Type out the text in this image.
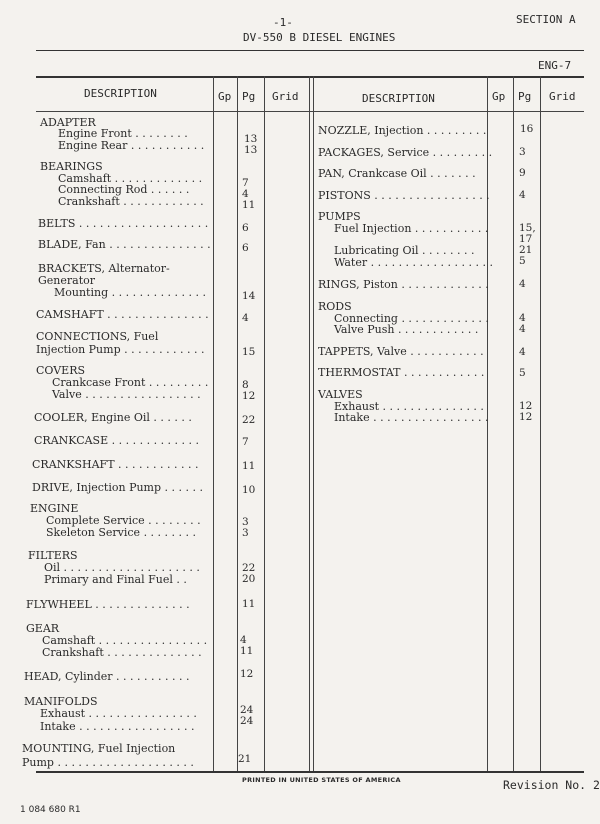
-1-	SECTION A
DV-550 B DIESEL ENGINES
ENG-7
DESCRIPTION	Gp Pg Grid	DESCRIPTION	Gp Pg Grid
ADAPTER
Engine Front . . . . . . . .	13
Engine Rear . . . . . . . . . . .	13
BEARINGS
Camshaft . . . . . . . . . . . . .	7
Connecting Rod . . . . . .	4
Crankshaft . . . . . . . . . . . .	11
BELTS . . . . . . . . . . . . . . . . . . .	6
BLADE, Fan . . . . . . . . . . . . . . .	6
BRACKETS, Alternator-
Generator
Mounting . . . . . . . . . . . . . .	14
CAMSHAFT . . . . . . . . . . . . . . .	4
CONNECTIONS, Fuel
Injection Pump . . . . . . . . . . . .	15
COVERS
Crankcase Front . . . . . . . . .	8
Valve . . . . . . . . . . . . . . . . .	12
COOLER, Engine Oil . . . . . .	22
CRANKCASE . . . . . . . . . . . . .	7
CRANKSHAFT . . . . . . . . . . . .	11
DRIVE, Injection Pump . . . . . .	10
ENGINE
Complete Service . . . . . . . .	3
Skeleton Service . . . . . . . .	3
FILTERS
Oil . . . . . . . . . . . . . . . . . . . .	22
Primary and Final Fuel . .	20
FLYWHEEL . . . . . . . . . . . . . .	11
GEAR
Camshaft . . . . . . . . . . . . . . . .	4
Crankshaft . . . . . . . . . . . . . .	11
HEAD, Cylinder . . . . . . . . . . .	12
MANIFOLDS
Exhaust . . . . . . . . . . . . . . . .	24
Intake . . . . . . . . . . . . . . . . .	24
MOUNTING, Fuel Injection
Pump . . . . . . . . . . . . . . . . . . . .	21
NOZZLE, Injection . . . . . . . . .	16
PACKAGES, Service . . . . . . . . .	3
PAN, Crankcase Oil . . . . . . .	9
PISTONS . . . . . . . . . . . . . . . . .	4
PUMPS
Fuel Injection . . . . . . . . . . .	15,
17
Lubricating Oil . . . . . . . .	21
Water . . . . . . . . . . . . . . . . . . 5
RINGS, Piston . . . . . . . . . . . . .	4
RODS
Connecting . . . . . . . . . . . . .	4
Valve Push . . . . . . . . . . . .	4
TAPPETS, Valve . . . . . . . . . . .	4
THERMOSTAT . . . . . . . . . . . .	5
VALVES
Exhaust . . . . . . . . . . . . . . .	12
Intake . . . . . . . . . . . . . . . . .	12
PRINTED IN UNITED STATES OF AMERICA	Revision No. 2
1 084 680 R1
